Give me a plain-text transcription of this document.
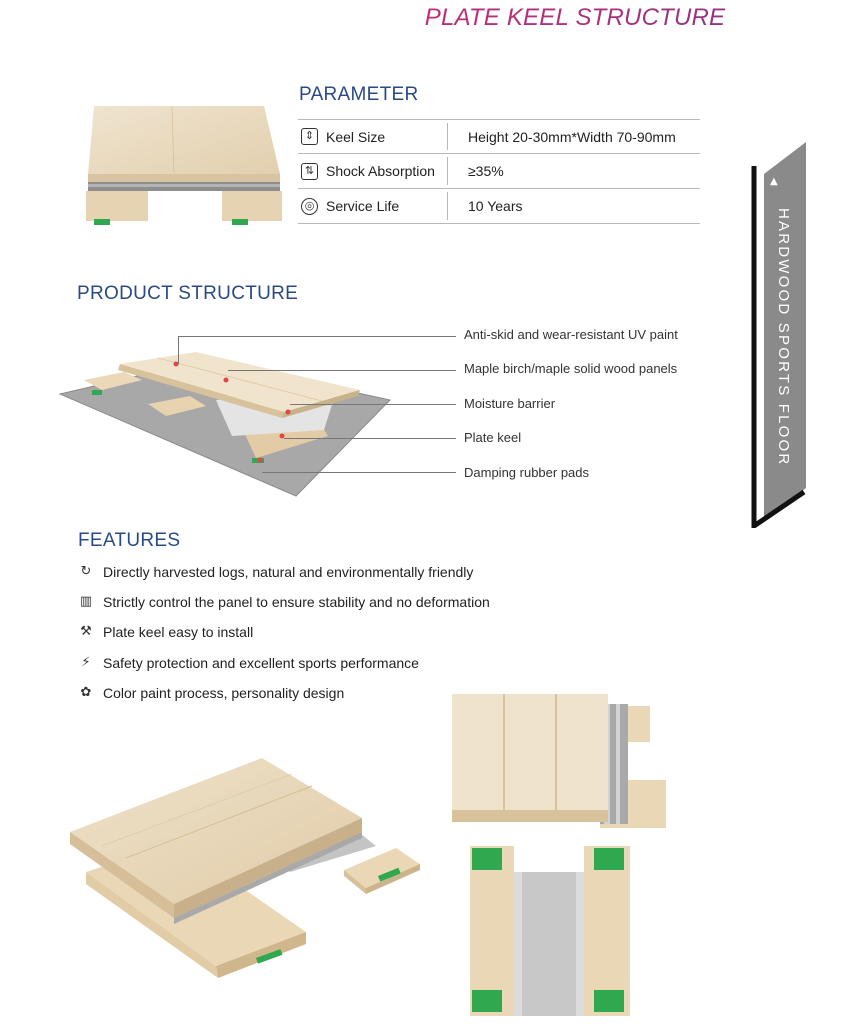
PLATE KEEL STRUCTURE
PARAMETER
⇕ Keel Size	Height 20-30mm*Width 70-90mm
⇅ Shock Absorption	≥35%
◎ Service Life	10 Years
▲
HARDWOOD SPORTS FLOOR
PRODUCT STRUCTURE
Anti-skid and wear-resistant UV paint
Maple birch/maple solid wood panels
Moisture barrier
Plate keel
Damping rubber pads
FEATURES
↻ Directly harvested logs, natural and environmentally friendly
▥ Strictly control the panel to ensure stability and no deformation
⚒ Plate keel easy to install
⚡ Safety protection and excellent sports performance
✿ Color paint process, personality design
